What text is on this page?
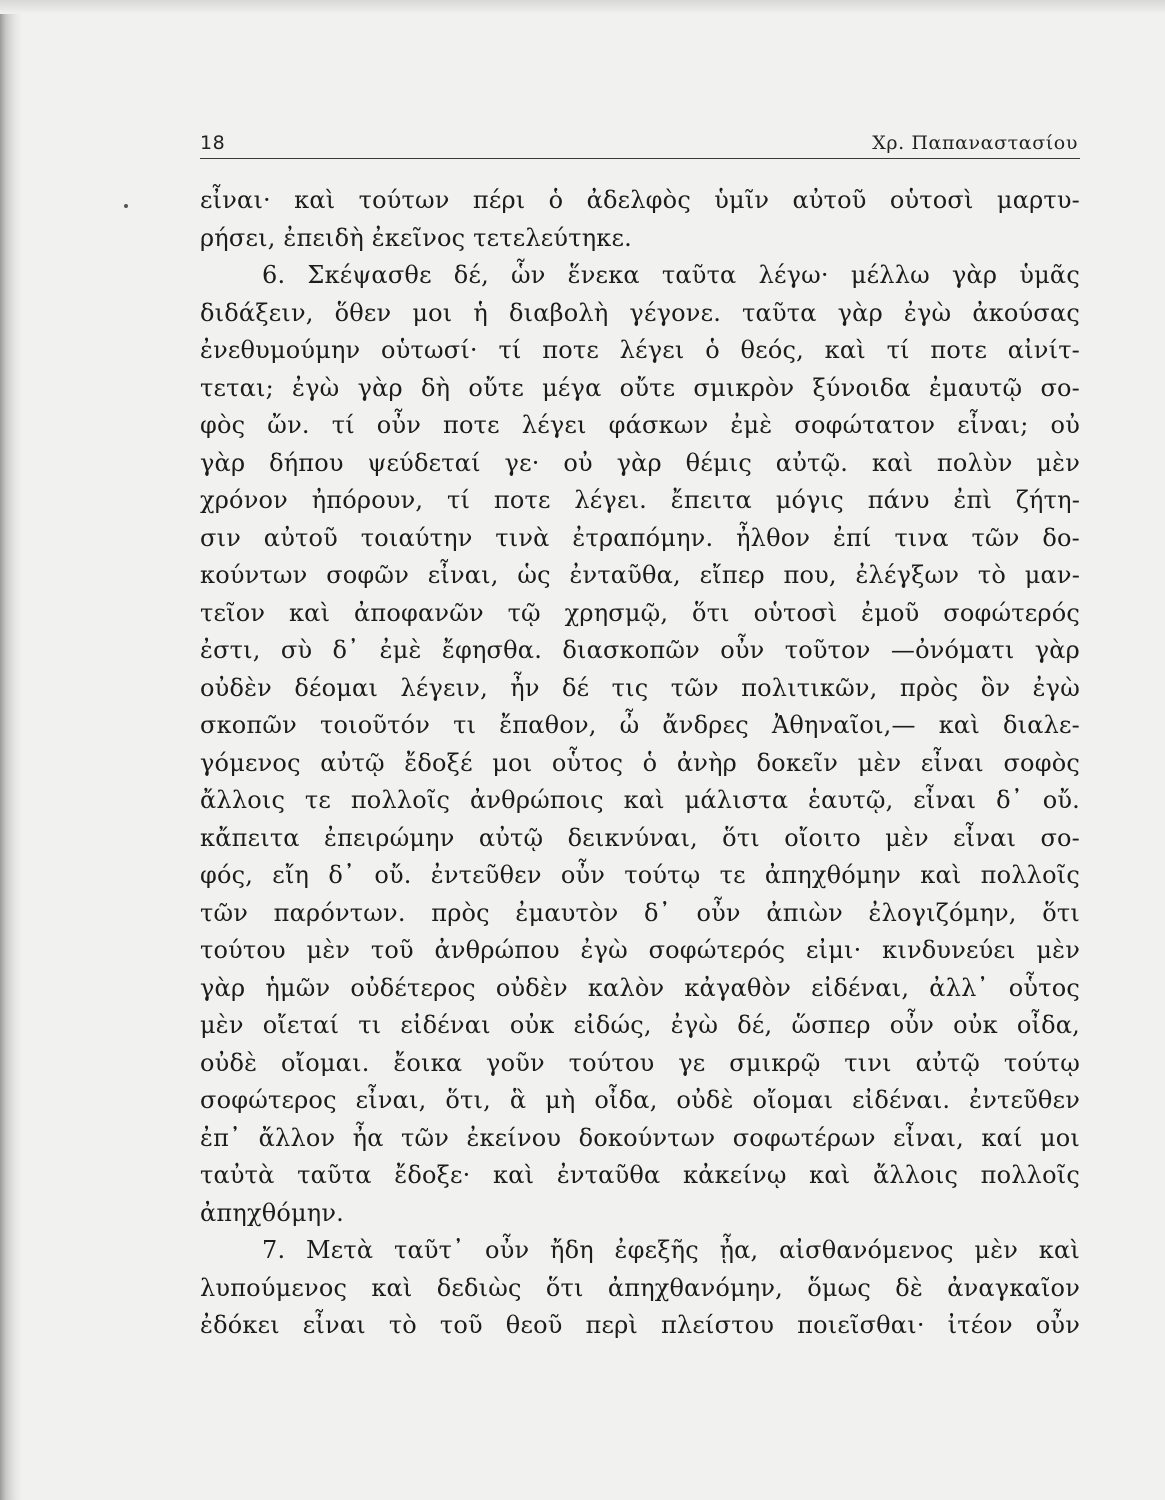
18	Χρ. Παπαναστασίου
εἶναι· καὶ τούτων πέρι ὁ ἀδελφὸς ὑμῖν αὐτοῦ οὑτοσὶ μαρτυ-
ρήσει, ἐπειδὴ ἐκεῖνος τετελεύτηκε.
6. Σκέψασθε δέ, ὧν ἕνεκα ταῦτα λέγω· μέλλω γὰρ ὑμᾶς
διδάξειν, ὅθεν μοι ἡ διαβολὴ γέγονε. ταῦτα γὰρ ἐγὼ ἀκούσας
ἐνεθυμούμην οὑτωσί· τί ποτε λέγει ὁ θεός, καὶ τί ποτε αἰνίτ-
τεται; ἐγὼ γὰρ δὴ οὔτε μέγα οὔτε σμικρὸν ξύνοιδα ἐμαυτῷ σο-
φὸς ὤν. τί οὖν ποτε λέγει φάσκων ἐμὲ σοφώτατον εἶναι; οὐ
γὰρ δήπου ψεύδεταί γε· οὐ γὰρ θέμις αὐτῷ. καὶ πολὺν μὲν
χρόνον ἠπόρουν, τί ποτε λέγει. ἔπειτα μόγις πάνυ ἐπὶ ζήτη-
σιν αὐτοῦ τοιαύτην τινὰ ἐτραπόμην. ἦλθον ἐπί τινα τῶν δο-
κούντων σοφῶν εἶναι, ὡς ἐνταῦθα, εἴπερ που, ἐλέγξων τὸ μαν-
τεῖον καὶ ἀποφανῶν τῷ χρησμῷ, ὅτι οὑτοσὶ ἐμοῦ σοφώτερός
ἐστι, σὺ δ᾽ ἐμὲ ἔφησθα. διασκοπῶν οὖν τοῦτον —ὀνόματι γὰρ
οὐδὲν δέομαι λέγειν, ἦν δέ τις τῶν πολιτικῶν, πρὸς ὃν ἐγὼ
σκοπῶν τοιοῦτόν τι ἔπαθον, ὦ ἄνδρες Ἀθηναῖοι,— καὶ διαλε-
γόμενος αὐτῷ ἔδοξέ μοι οὗτος ὁ ἀνὴρ δοκεῖν μὲν εἶναι σοφὸς
ἄλλοις τε πολλοῖς ἀνθρώποις καὶ μάλιστα ἑαυτῷ, εἶναι δ᾽ οὔ.
κἄπειτα ἐπειρώμην αὐτῷ δεικνύναι, ὅτι οἴοιτο μὲν εἶναι σο-
φός, εἴη δ᾽ οὔ. ἐντεῦθεν οὖν τούτῳ τε ἀπηχθόμην καὶ πολλοῖς
τῶν παρόντων. πρὸς ἐμαυτὸν δ᾽ οὖν ἀπιὼν ἐλογιζόμην, ὅτι
τούτου μὲν τοῦ ἀνθρώπου ἐγὼ σοφώτερός εἰμι· κινδυνεύει μὲν
γὰρ ἡμῶν οὐδέτερος οὐδὲν καλὸν κἀγαθὸν εἰδέναι, ἀλλ᾽ οὗτος
μὲν οἴεταί τι εἰδέναι οὐκ εἰδώς, ἐγὼ δέ, ὥσπερ οὖν οὐκ οἶδα,
οὐδὲ οἴομαι. ἔοικα γοῦν τούτου γε σμικρῷ τινι αὐτῷ τούτῳ
σοφώτερος εἶναι, ὅτι, ἃ μὴ οἶδα, οὐδὲ οἴομαι εἰδέναι. ἐντεῦθεν
ἐπ᾽ ἄλλον ἦα τῶν ἐκείνου δοκούντων σοφωτέρων εἶναι, καί μοι
ταὐτὰ ταῦτα ἔδοξε· καὶ ἐνταῦθα κἀκείνῳ καὶ ἄλλοις πολλοῖς
ἀπηχθόμην.
7. Μετὰ ταῦτ᾽ οὖν ἤδη ἐφεξῆς ᾖα, αἰσθανόμενος μὲν καὶ
λυπούμενος καὶ δεδιὼς ὅτι ἀπηχθανόμην, ὅμως δὲ ἀναγκαῖον
ἐδόκει εἶναι τὸ τοῦ θεοῦ περὶ πλείστου ποιεῖσθαι· ἰτέον οὖν
